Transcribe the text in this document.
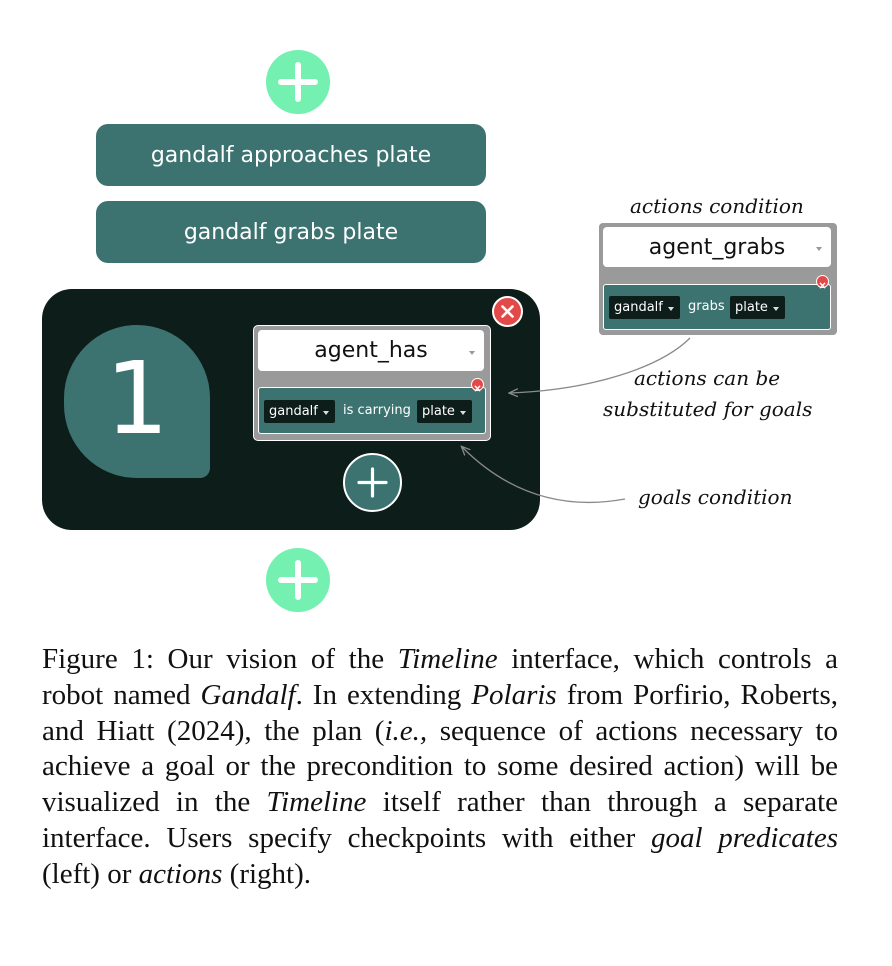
gandalf approaches plate
gandalf grabs plate
1	agent_has
gandalf is carrying plate
actions condition
agent_grabs
gandalf grabs plate
actions can be
substituted for goals
goals condition
Figure 1: Our vision of the Timeline interface, which controls a robot named Gandalf. In extending Polaris from Porfirio, Roberts, and Hiatt (2024), the plan (i.e., sequence of actions necessary to achieve a goal or the precondition to some desired action) will be visualized in the Timeline itself rather than through a separate interface. Users specify checkpoints with either goal predicates (left) or actions (right).
